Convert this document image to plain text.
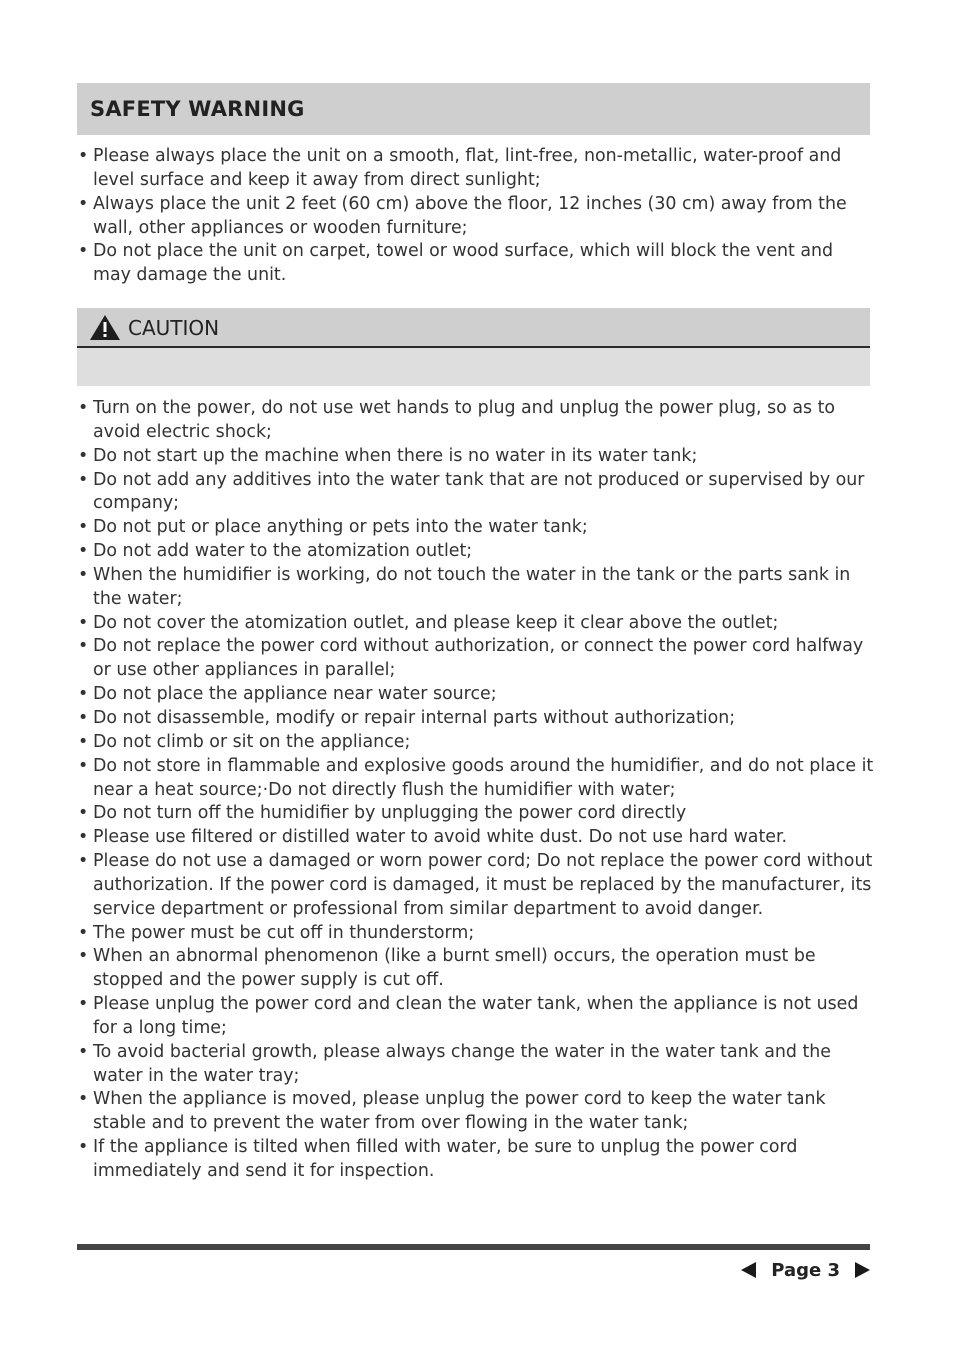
SAFETY WARNING
• Please always place the unit on a smooth, flat, lint-free, non-metallic, water-proof and level surface and keep it away from direct sunlight;
• Always place the unit 2 feet (60 cm) above the floor, 12 inches (30 cm) away from the wall, other appliances or wooden furniture;
• Do not place the unit on carpet, towel or wood surface, which will block the vent and may damage the unit.
CAUTION
• Turn on the power, do not use wet hands to plug and unplug the power plug, so as to avoid electric shock;
• Do not start up the machine when there is no water in its water tank;
• Do not add any additives into the water tank that are not produced or supervised by our company;
• Do not put or place anything or pets into the water tank;
• Do not add water to the atomization outlet;
• When the humidifier is working, do not touch the water in the tank or the parts sank in the water;
• Do not cover the atomization outlet, and please keep it clear above the outlet;
• Do not replace the power cord without authorization, or connect the power cord halfway or use other appliances in parallel;
• Do not place the appliance near water source;
• Do not disassemble, modify or repair internal parts without authorization;
• Do not climb or sit on the appliance;
• Do not store in flammable and explosive goods around the humidifier, and do not place it near a heat source;·Do not directly flush the humidifier with water;
• Do not turn off the humidifier by unplugging the power cord directly
• Please use filtered or distilled water to avoid white dust. Do not use hard water.
• Please do not use a damaged or worn power cord; Do not replace the power cord without authorization. If the power cord is damaged, it must be replaced by the manufacturer, its service department or professional from similar department to avoid danger.
• The power must be cut off in thunderstorm;
• When an abnormal phenomenon (like a burnt smell) occurs, the operation must be stopped and the power supply is cut off.
• Please unplug the power cord and clean the water tank, when the appliance is not used for a long time;
• To avoid bacterial growth, please always change the water in the water tank and the water in the water tray;
• When the appliance is moved, please unplug the power cord to keep the water tank stable and to prevent the water from over flowing in the water tank;
• If the appliance is tilted when filled with water, be sure to unplug the power cord immediately and send it for inspection.
Page 3
